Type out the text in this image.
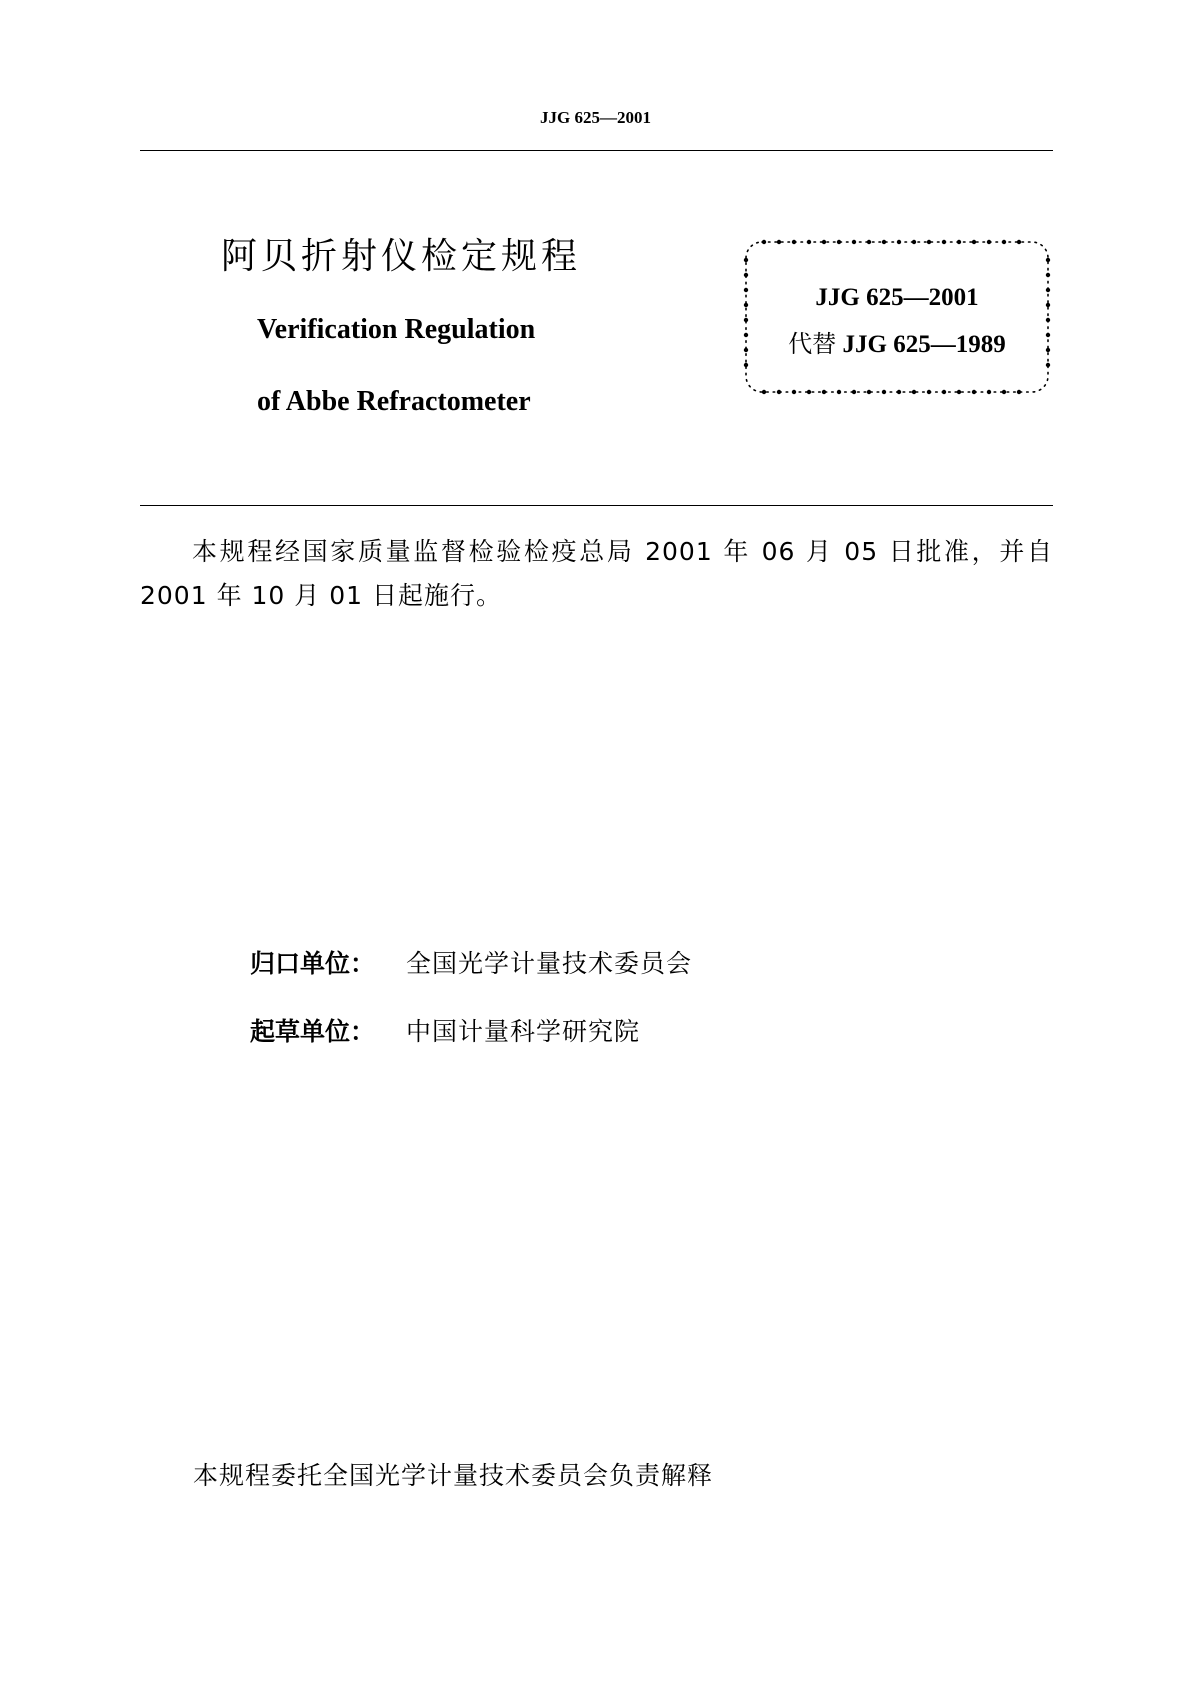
JJG 625—2001
阿贝折射仪检定规程
Verification Regulation
of Abbe Refractometer
JJG 625—2001
代替 JJG 625—1989
本规程经国家质量监督检验检疫总局 2001 年 06 月 05 日批准，并自 2001 年 10 月 01 日起施行。
归口单位： 全国光学计量技术委员会
起草单位： 中国计量科学研究院
本规程委托全国光学计量技术委员会负责解释
